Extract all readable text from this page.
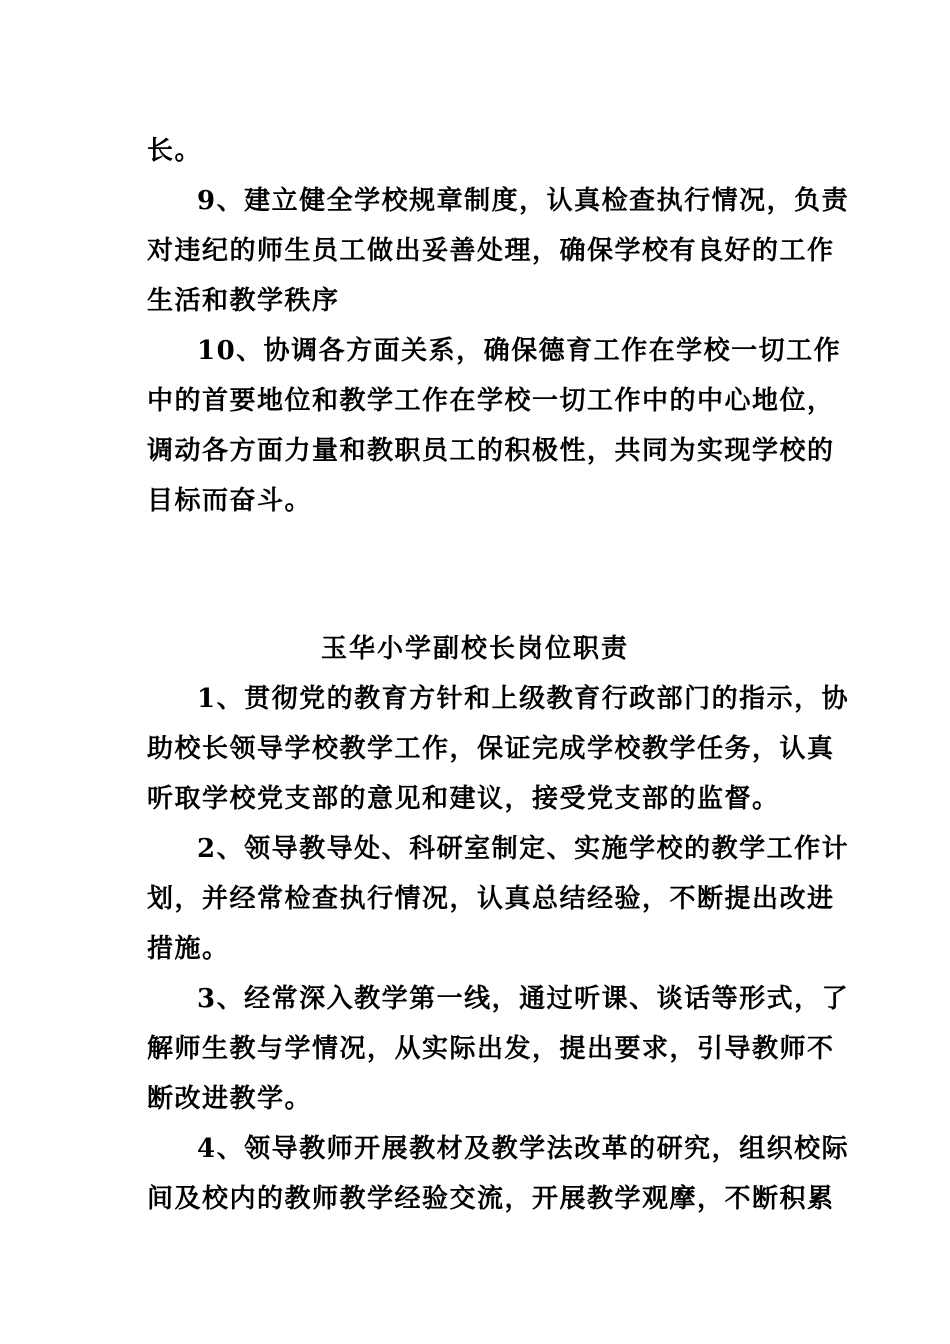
长。
9、建立健全学校规章制度，认真检查执行情况，负责
对违纪的师生员工做出妥善处理，确保学校有良好的工作
生活和教学秩序
10、协调各方面关系，确保德育工作在学校一切工作
中的首要地位和教学工作在学校一切工作中的中心地位，
调动各方面力量和教职员工的积极性，共同为实现学校的
目标而奋斗。
玉华小学副校长岗位职责
1、贯彻党的教育方针和上级教育行政部门的指示，协
助校长领导学校教学工作，保证完成学校教学任务，认真
听取学校党支部的意见和建议，接受党支部的监督。
2、领导教导处、科研室制定、实施学校的教学工作计
划，并经常检查执行情况，认真总结经验，不断提出改进
措施。
3、经常深入教学第一线，通过听课、谈话等形式，了
解师生教与学情况，从实际出发，提出要求，引导教师不
断改进教学。
4、领导教师开展教材及教学法改革的研究，组织校际
间及校内的教师教学经验交流，开展教学观摩，不断积累
